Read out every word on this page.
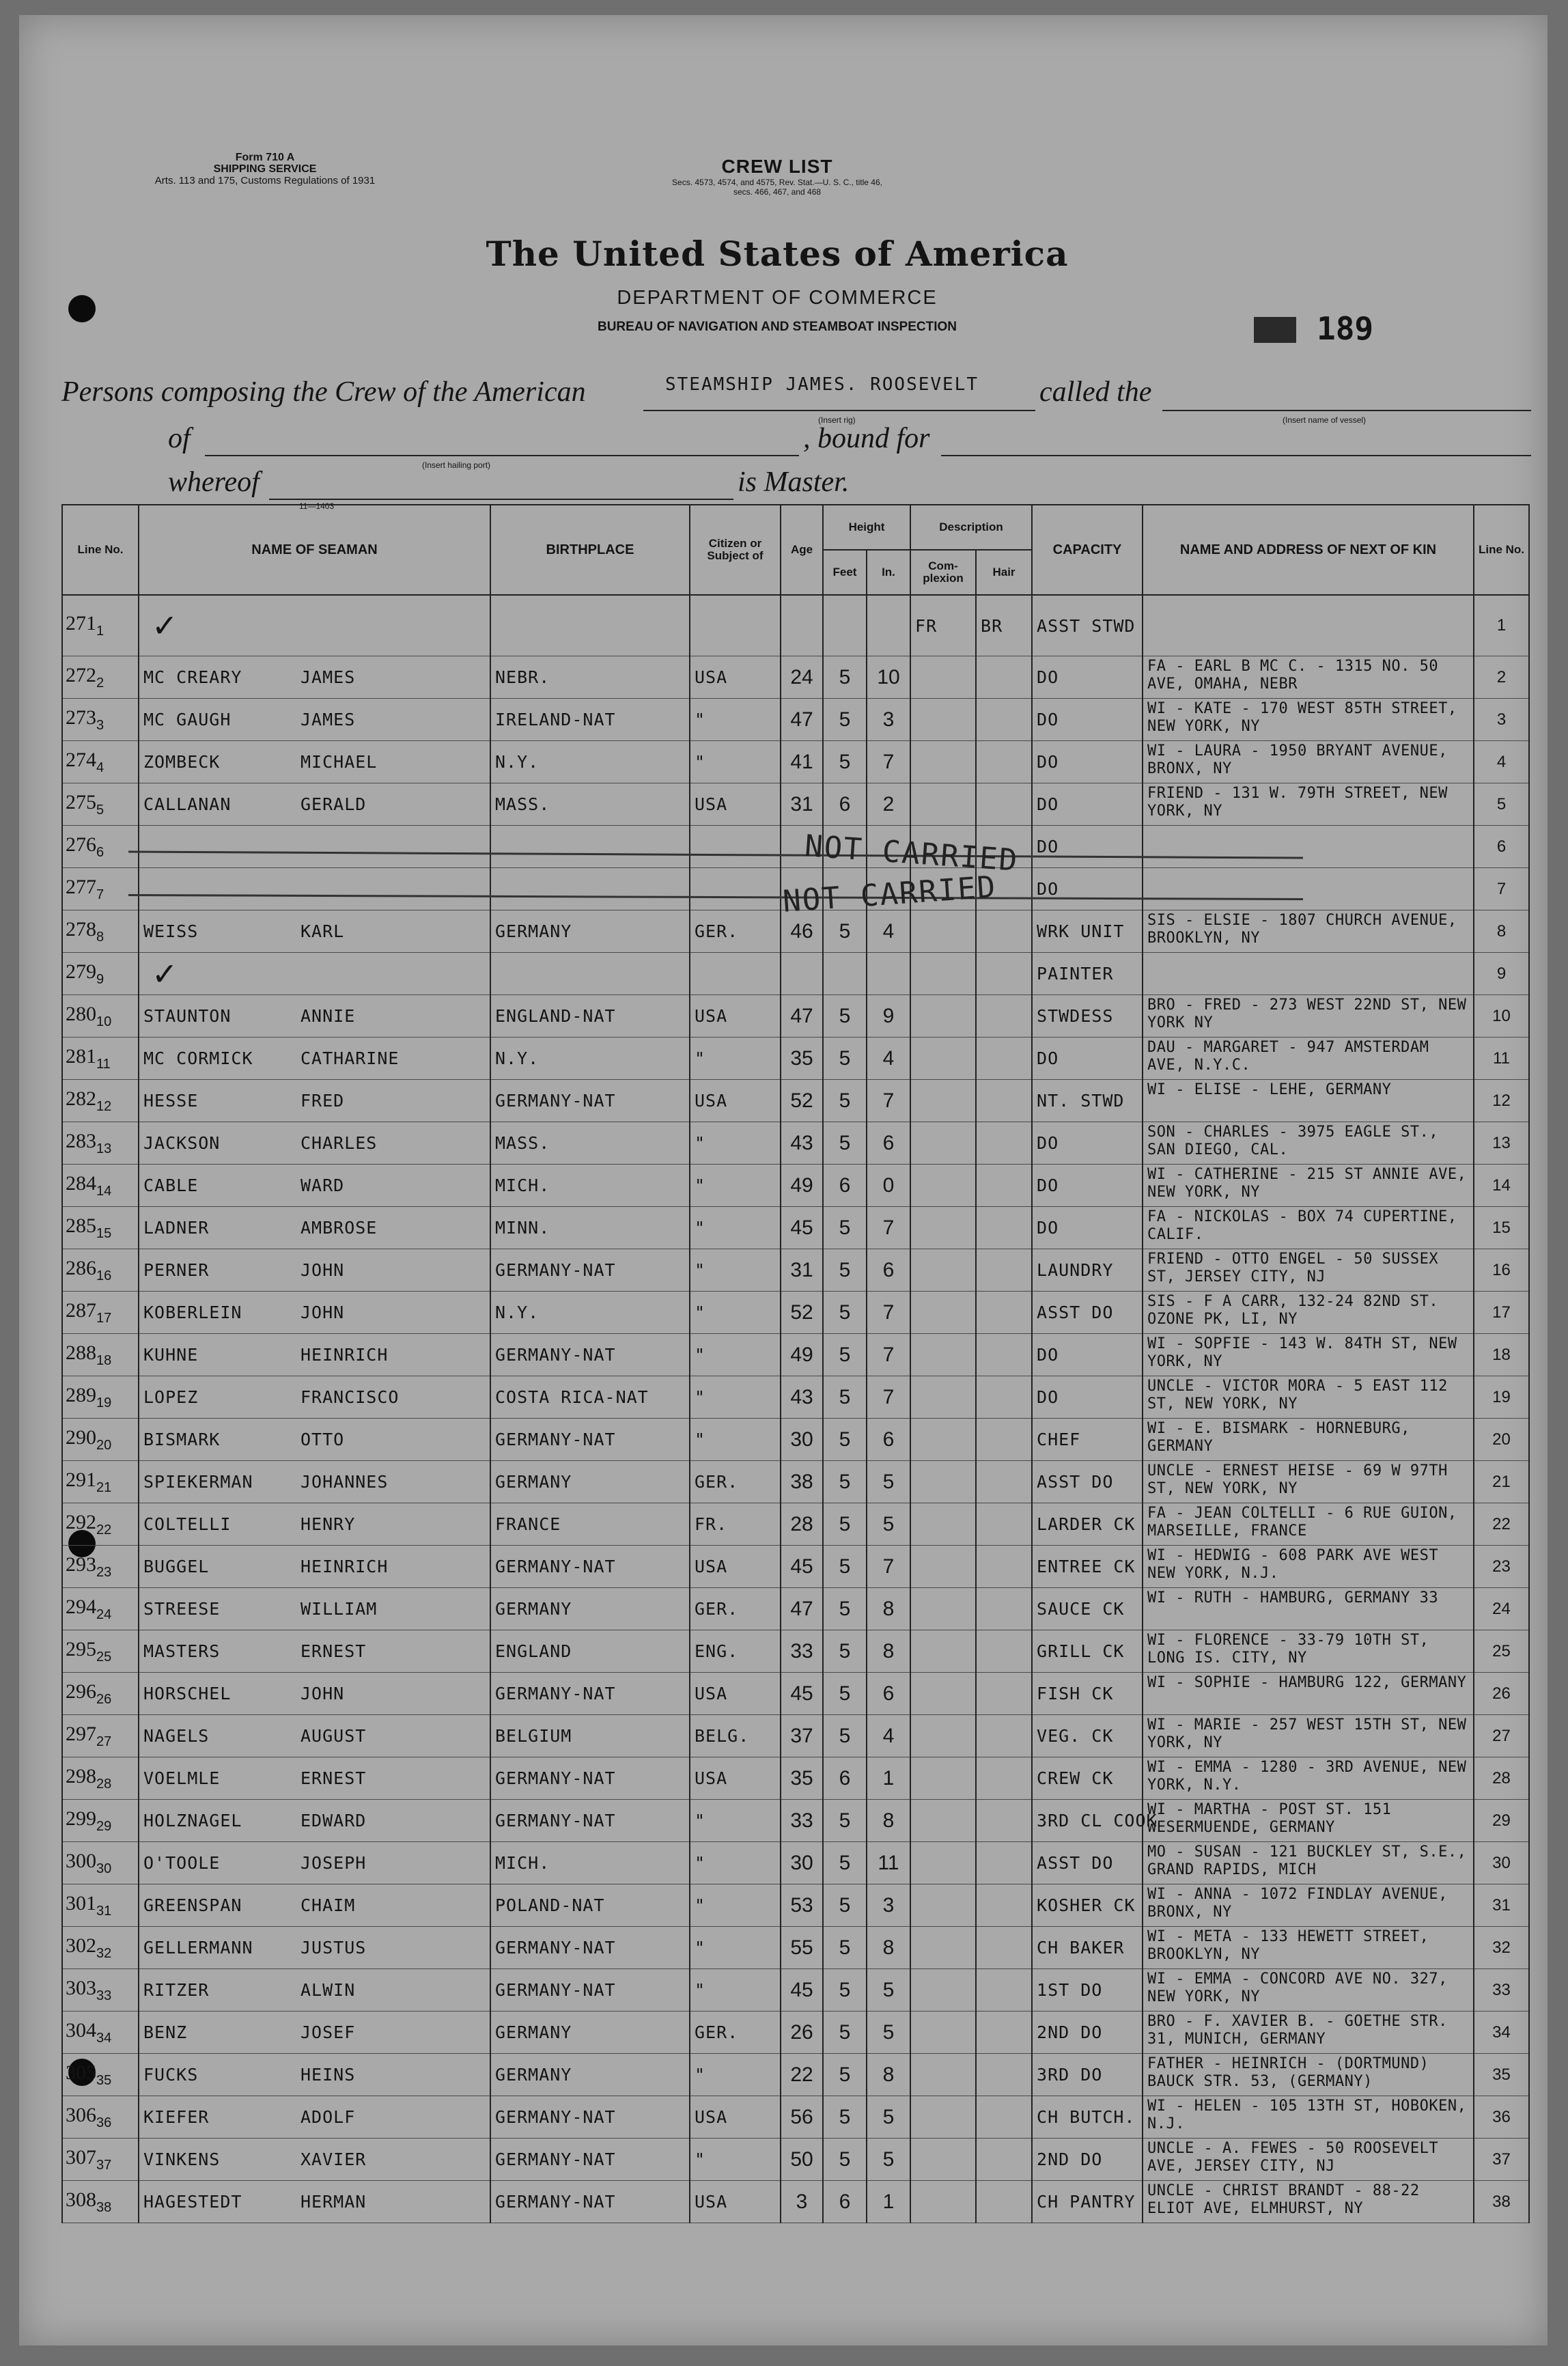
Form 710 A
SHIPPING SERVICE
Arts. 113 and 175, Customs Regulations of 1931
CREW LIST
Secs. 4573, 4574, and 4575, Rev. Stat.—U. S. C., title 46,
secs. 466, 467, and 468
The United States of America
DEPARTMENT OF COMMERCE
BUREAU OF NAVIGATION AND STEAMBOAT INSPECTION	189
Persons composing the Crew of the American	STEAMSHIP JAMES. ROOSEVELT
(Insert rig)
called the
(Insert name of vessel)
of
(Insert hailing port)
, bound for
whereof
11—1403
is Master.
Line No.	NAME OF SEAMAN	BIRTHPLACE	Citizen or Subject of	Age	Height		Description		CAPACITY	NAME AND ADDRESS OF NEXT OF KIN	Line No.
					Feet	In.	Com- plexion	Hair			
$271_1$	✓						FR	BR	ASST STWD		1
$272_2$	MC CREARY JAMES	NEBR.	USA	24	5	10			DO	FA - EARL B MC C. - 1315 NO. 50 AVE, OMAHA, NEBR	2
$273_3$	MC GAUGH JAMES	IRELAND-NAT	"	47	5	3			DO	WI - KATE - 170 WEST 85TH STREET, NEW YORK, NY	3
$274_4$	ZOMBECK MICHAEL	N.Y.	"	41	5	7			DO	WI - LAURA - 1950 BRYANT AVENUE, BRONX, NY	4
$275_5$	CALLANAN GERALD	MASS.	USA	31	6	2			DO	FRIEND - 131 W. 79TH STREET, NEW YORK, NY	5
$276_6$									DO		6
$277_7$									DO		7
$278_8$	WEISS KARL	GERMANY	GER.	46	5	4			WRK UNIT	SIS - ELSIE - 1807 CHURCH AVENUE, BROOKLYN, NY	8
$279_9$	✓								PAINTER		9
$280_{10}$	STAUNTON ANNIE	ENGLAND-NAT	USA	47	5	9			STWDESS	BRO - FRED - 273 WEST 22ND ST, NEW YORK NY	10
$281_{11}$	MC CORMICK CATHARINE	N.Y.	"	35	5	4			DO	DAU - MARGARET - 947 AMSTERDAM AVE, N.Y.C.	11
$282_{12}$	HESSE FRED	GERMANY-NAT	USA	52	5	7			NT. STWD	WI - ELISE - LEHE, GERMANY	12
$283_{13}$	JACKSON CHARLES	MASS.	"	43	5	6			DO	SON - CHARLES - 3975 EAGLE ST., SAN DIEGO, CAL.	13
$284_{14}$	CABLE WARD	MICH.	"	49	6	0			DO	WI - CATHERINE - 215 ST ANNIE AVE, NEW YORK, NY	14
$285_{15}$	LADNER AMBROSE	MINN.	"	45	5	7			DO	FA - NICKOLAS - BOX 74 CUPERTINE, CALIF.	15
$286_{16}$	PERNER JOHN	GERMANY-NAT	"	31	5	6			LAUNDRY	FRIEND - OTTO ENGEL - 50 SUSSEX ST, JERSEY CITY, NJ	16
$287_{17}$	KOBERLEIN JOHN	N.Y.	"	52	5	7			ASST DO	SIS - F A CARR, 132-24 82ND ST. OZONE PK, LI, NY	17
$288_{18}$	KUHNE HEINRICH	GERMANY-NAT	"	49	5	7			DO	WI - SOPFIE - 143 W. 84TH ST, NEW YORK, NY	18
$289_{19}$	LOPEZ FRANCISCO	COSTA RICA-NAT	"	43	5	7			DO	UNCLE - VICTOR MORA - 5 EAST 112 ST, NEW YORK, NY	19
$290_{20}$	BISMARK OTTO	GERMANY-NAT	"	30	5	6			CHEF	WI - E. BISMARK - HORNEBURG, GERMANY	20
$291_{21}$	SPIEKERMAN JOHANNES	GERMANY	GER.	38	5	5			ASST DO	UNCLE - ERNEST HEISE - 69 W 97TH ST, NEW YORK, NY	21
$292_{22}$	COLTELLI HENRY	FRANCE	FR.	28	5	5			LARDER CK	FA - JEAN COLTELLI - 6 RUE GUION, MARSEILLE, FRANCE	22
$293_{23}$	BUGGEL HEINRICH	GERMANY-NAT	USA	45	5	7			ENTREE CK	WI - HEDWIG - 608 PARK AVE WEST NEW YORK, N.J.	23
$294_{24}$	STREESE WILLIAM	GERMANY	GER.	47	5	8			SAUCE CK	WI - RUTH - HAMBURG, GERMANY 33	24
$295_{25}$	MASTERS ERNEST	ENGLAND	ENG.	33	5	8			GRILL CK	WI - FLORENCE - 33-79 10TH ST, LONG IS. CITY, NY	25
$296_{26}$	HORSCHEL JOHN	GERMANY-NAT	USA	45	5	6			FISH CK	WI - SOPHIE - HAMBURG 122, GERMANY	26
$297_{27}$	NAGELS AUGUST	BELGIUM	BELG.	37	5	4			VEG. CK	WI - MARIE - 257 WEST 15TH ST, NEW YORK, NY	27
$298_{28}$	VOELMLE ERNEST	GERMANY-NAT	USA	35	6	1			CREW CK	WI - EMMA - 1280 - 3RD AVENUE, NEW YORK, N.Y.	28
$299_{29}$	HOLZNAGEL EDWARD	GERMANY-NAT	"	33	5	8			3RD CL COOK	WI - MARTHA - POST ST. 151 WESERMUENDE, GERMANY	29
$300_{30}$	O'TOOLE JOSEPH	MICH.	"	30	5	11			ASST DO	MO - SUSAN - 121 BUCKLEY ST, S.E., GRAND RAPIDS, MICH	30
$301_{31}$	GREENSPAN CHAIM	POLAND-NAT	"	53	5	3			KOSHER CK	WI - ANNA - 1072 FINDLAY AVENUE, BRONX, NY	31
$302_{32}$	GELLERMANN JUSTUS	GERMANY-NAT	"	55	5	8			CH BAKER	WI - META - 133 HEWETT STREET, BROOKLYN, NY	32
$303_{33}$	RITZER ALWIN	GERMANY-NAT	"	45	5	5			1ST DO	WI - EMMA - CONCORD AVE NO. 327, NEW YORK, NY	33
$304_{34}$	BENZ JOSEF	GERMANY	GER.	26	5	5			2ND DO	BRO - F. XAVIER B. - GOETHE STR. 31, MUNICH, GERMANY	34
$305_{35}$	FUCKS HEINS	GERMANY	"	22	5	8			3RD DO	FATHER - HEINRICH - (DORTMUND) BAUCK STR. 53, (GERMANY)	35
$306_{36}$	KIEFER ADOLF	GERMANY-NAT	USA	56	5	5			CH BUTCH.	WI - HELEN - 105 13TH ST, HOBOKEN, N.J.	36
$307_{37}$	VINKENS XAVIER	GERMANY-NAT	"	50	5	5			2ND DO	UNCLE - A. FEWES - 50 ROOSEVELT AVE, JERSEY CITY, NJ	37
$308_{38}$	HAGESTEDT HERMAN	GERMANY-NAT	USA	3	6	1			CH PANTRY	UNCLE - CHRIST BRANDT - 88-22 ELIOT AVE, ELMHURST, NY	38
NOT CARRIED
NOT CARRIED
